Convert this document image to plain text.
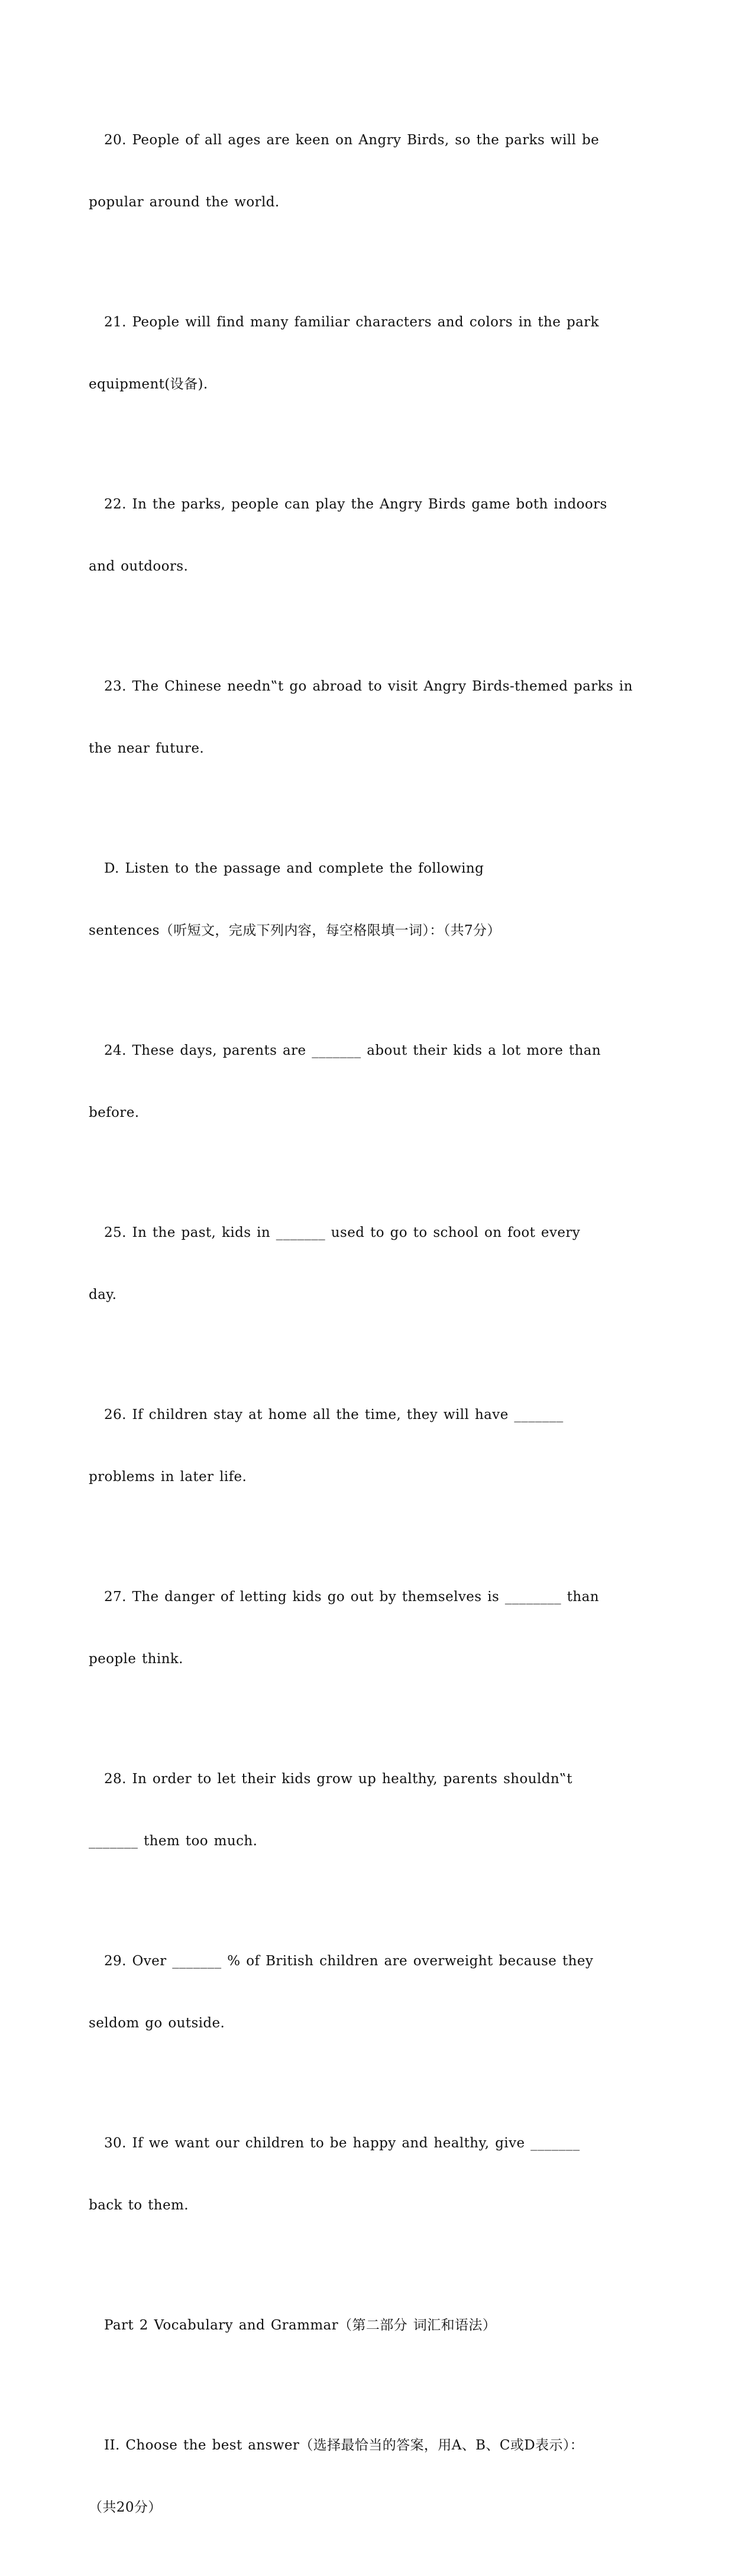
20. People of all ages are keen on Angry Birds, so the parks will be

popular around the world.

21. People will find many familiar characters and colors in the park

equipment(设备).

22. In the parks, people can play the Angry Birds game both indoors

and outdoors.

23. The Chinese needn‟t go abroad to visit Angry Birds-themed parks in

the near future.

D. Listen to the passage and complete the following

sentences（听短文，完成下列内容，每空格限填一词）：（共7分）

24. These days, parents are _______ about their kids a lot more than

before.

25. In the past, kids in _______ used to go to school on foot every

day.

26. If children stay at home all the time, they will have _______

problems in later life.

27. The danger of letting kids go out by themselves is ________ than

people think.

28. In order to let their kids grow up healthy, parents shouldn‟t

_______ them too much.

29. Over _______ % of British children are overweight because they

seldom go outside.

30. If we want our children to be happy and healthy, give _______

back to them.

Part 2 Vocabulary and Grammar（第二部分 词汇和语法）

II. Choose the best answer（选择最恰当的答案，用A、B、C或D表示）：

（共20分）
